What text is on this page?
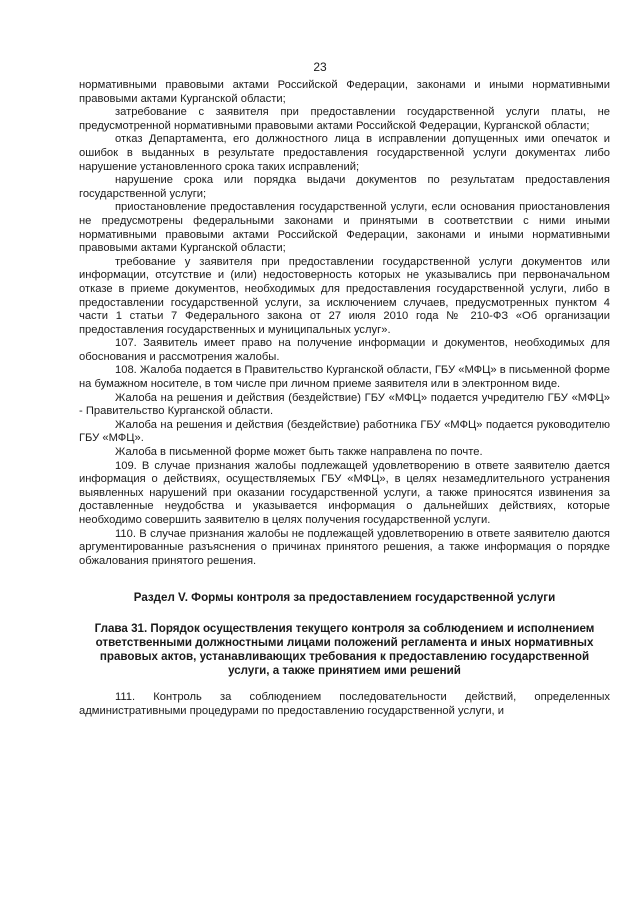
23

нормативными правовыми актами Российской Федерации, законами и иными нормативными правовыми актами Курганской области;

затребование с заявителя при предоставлении государственной услуги платы, не предусмотренной нормативными правовыми актами Российской Федерации, Курганской области;

отказ Департамента, его должностного лица в исправлении допущенных ими опечаток и ошибок в выданных в результате предоставления государственной услуги документах либо нарушение установленного срока таких исправлений;

нарушение срока или порядка выдачи документов по результатам предоставления государственной услуги;

приостановление предоставления государственной услуги, если основания приостановления не предусмотрены федеральными законами и принятыми в соответствии с ними иными нормативными правовыми актами Российской Федерации, законами и иными нормативными правовыми актами Курганской области;

требование у заявителя при предоставлении государственной услуги документов или информации, отсутствие и (или) недостоверность которых не указывались при первоначальном отказе в приеме документов, необходимых для предоставления государственной услуги, либо в предоставлении государственной услуги, за исключением случаев, предусмотренных пунктом 4 части 1 статьи 7 Федерального закона от 27 июля 2010 года № 210-ФЗ «Об организации предоставления государственных и муниципальных услуг».

107. Заявитель имеет право на получение информации и документов, необходимых для обоснования и рассмотрения жалобы.

108. Жалоба подается в Правительство Курганской области, ГБУ «МФЦ» в письменной форме на бумажном носителе, в том числе при личном приеме заявителя или в электронном виде.

Жалоба на решения и действия (бездействие) ГБУ «МФЦ» подается учредителю ГБУ «МФЦ» - Правительство Курганской области.

Жалоба на решения и действия (бездействие) работника ГБУ «МФЦ» подается руководителю ГБУ «МФЦ».

Жалоба в письменной форме может быть также направлена по почте.

109. В случае признания жалобы подлежащей удовлетворению в ответе заявителю дается информация о действиях, осуществляемых ГБУ «МФЦ», в целях незамедлительного устранения выявленных нарушений при оказании государственной услуги, а также приносятся извинения за доставленные неудобства и указывается информация о дальнейших действиях, которые необходимо совершить заявителю в целях получения государственной услуги.

110. В случае признания жалобы не подлежащей удовлетворению в ответе заявителю даются аргументированные разъяснения о причинах принятого решения, а также информация о порядке обжалования принятого решения.

Раздел V. Формы контроля за предоставлением государственной услуги
Глава 31. Порядок осуществления текущего контроля за соблюдением и исполнением ответственными должностными лицами положений регламента и иных нормативных правовых актов, устанавливающих требования к предоставлению государственной услуги, а также принятием ими решений

111. Контроль за соблюдением последовательности действий, определенных административными процедурами по предоставлению государственной услуги, и
